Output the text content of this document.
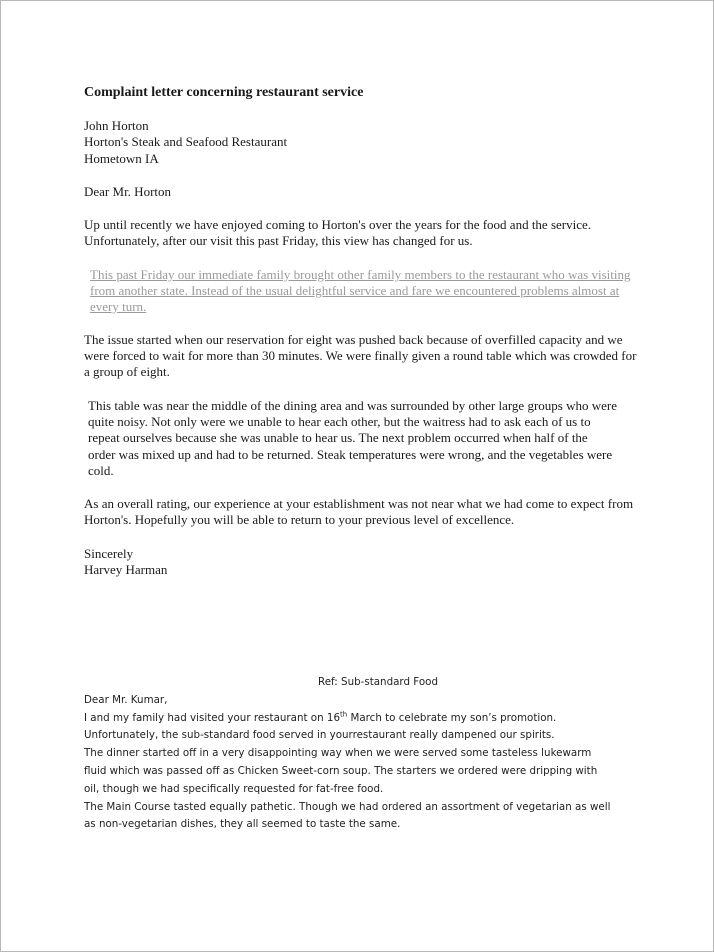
Complaint letter concerning restaurant service

John Horton
Horton's Steak and Seafood Restaurant
Hometown IA

Dear Mr. Horton

Up until recently we have enjoyed coming to Horton's over the years for the food and the service. Unfortunately, after our visit this past Friday, this view has changed for us.

This past Friday our immediate family brought other family members to the restaurant who was visiting from another state. Instead of the usual delightful service and fare we encountered problems almost at every turn.

The issue started when our reservation for eight was pushed back because of overfilled capacity and we were forced to wait for more than 30 minutes. We were finally given a round table which was crowded for a group of eight.

This table was near the middle of the dining area and was surrounded by other large groups who were quite noisy. Not only were we unable to hear each other, but the waitress had to ask each of us to repeat ourselves because she was unable to hear us. The next problem occurred when half of the order was mixed up and had to be returned. Steak temperatures were wrong, and the vegetables were cold.

As an overall rating, our experience at your establishment was not near what we had come to expect from Horton's. Hopefully you will be able to return to your previous level of excellence.

Sincerely
Harvey Harman
Ref: Sub-standard Food
Dear Mr. Kumar,
I and my family had visited your restaurant on 16th March to celebrate my son’s promotion.
Unfortunately, the sub-standard food served in yourrestaurant really dampened our spirits.
The dinner started off in a very disappointing way when we were served some tasteless lukewarm
fluid which was passed off as Chicken Sweet-corn soup. The starters we ordered were dripping with
oil, though we had specifically requested for fat-free food.
The Main Course tasted equally pathetic. Though we had ordered an assortment of vegetarian as well
as non-vegetarian dishes, they all seemed to taste the same.
